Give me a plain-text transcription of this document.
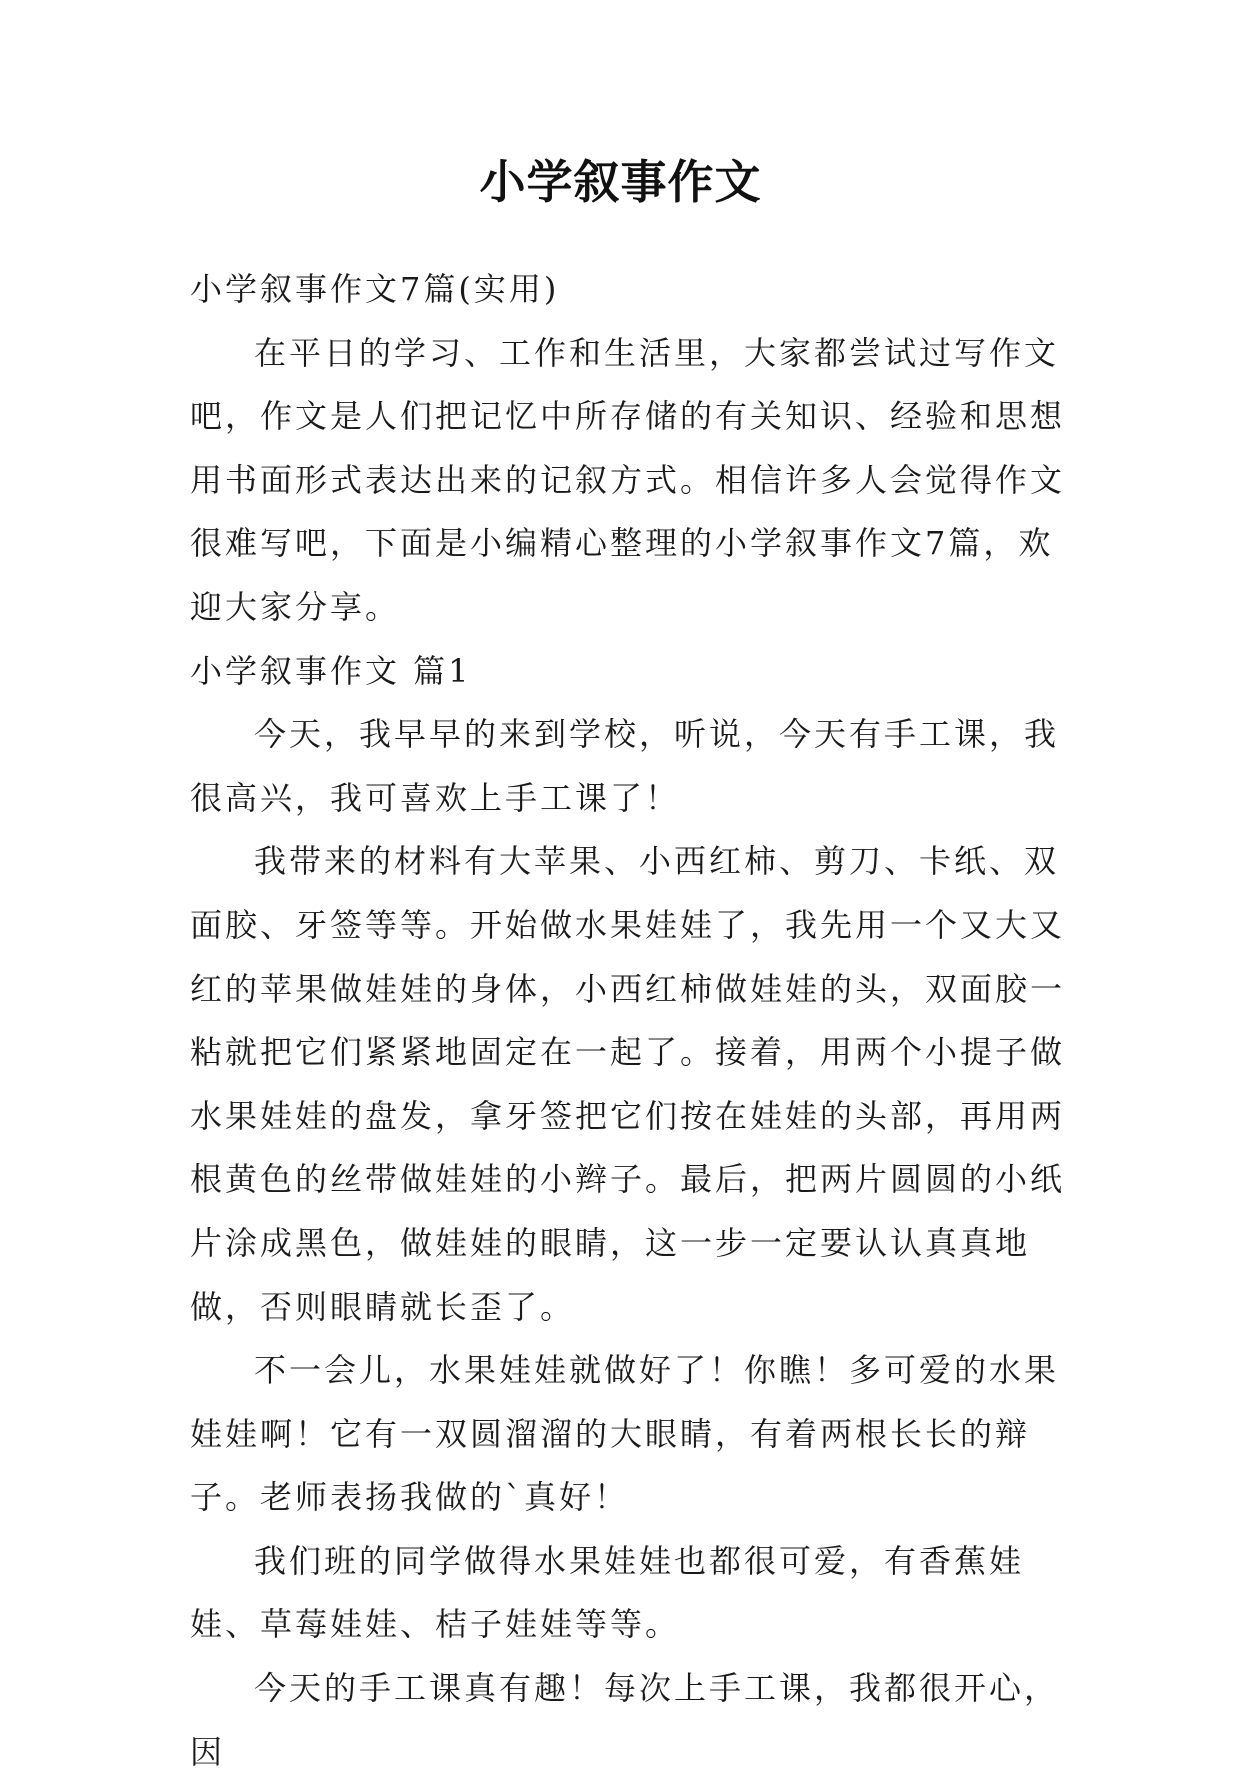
小学叙事作文

小学叙事作文7篇(实用)

在平日的学习、工作和生活里，大家都尝试过写作文吧，作文是人们把记忆中所存储的有关知识、经验和思想用书面形式表达出来的记叙方式。相信许多人会觉得作文很难写吧，下面是小编精心整理的小学叙事作文7篇，欢迎大家分享。

小学叙事作文 篇1

今天，我早早的来到学校，听说，今天有手工课，我很高兴，我可喜欢上手工课了！

我带来的材料有大苹果、小西红柿、剪刀、卡纸、双面胶、牙签等等。开始做水果娃娃了，我先用一个又大又红的苹果做娃娃的身体，小西红柿做娃娃的头，双面胶一粘就把它们紧紧地固定在一起了。接着，用两个小提子做水果娃娃的盘发，拿牙签把它们按在娃娃的头部，再用两根黄色的丝带做娃娃的小辫子。最后，把两片圆圆的小纸片涂成黑色，做娃娃的眼睛，这一步一定要认认真真地做，否则眼睛就长歪了。

不一会儿，水果娃娃就做好了！你瞧！多可爱的水果娃娃啊！它有一双圆溜溜的大眼睛，有着两根长长的辩子。老师表扬我做的`真好！

我们班的同学做得水果娃娃也都很可爱，有香蕉娃娃、草莓娃娃、桔子娃娃等等。

今天的手工课真有趣！每次上手工课，我都很开心，因
